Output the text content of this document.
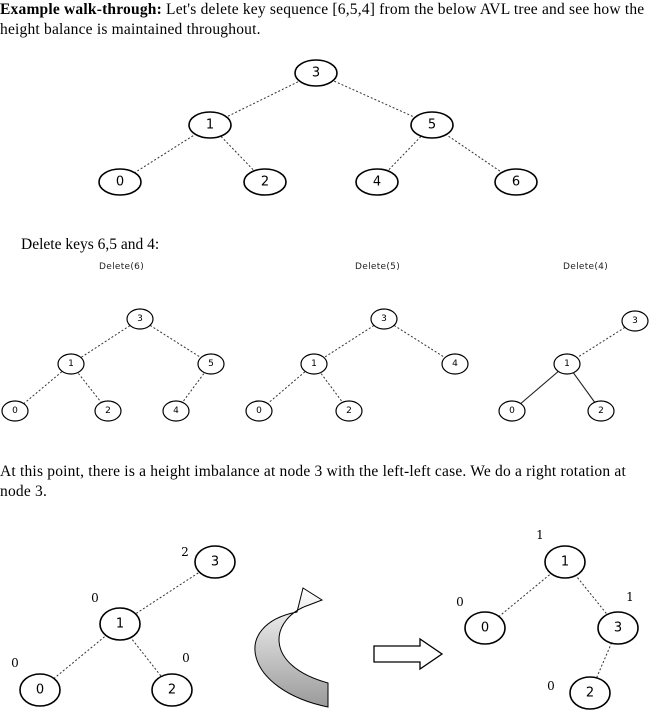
Example walk-through: Let's delete key sequence [6,5,4] from the below AVL tree and see how the height balance is maintained throughout.
Delete keys 6,5 and 4:
Delete(6)	Delete(5)	Delete(4)
At this point, there is a height imbalance at node 3 with the left-left case. We do a right rotation at node 3.
3
1	5
0	2	4	6
3
1	5
0	2	4
3
1	4
0	2
3
1
0	2
3
1
0	2
2
0
0	0
1
0	3
2
1
0	1
0
